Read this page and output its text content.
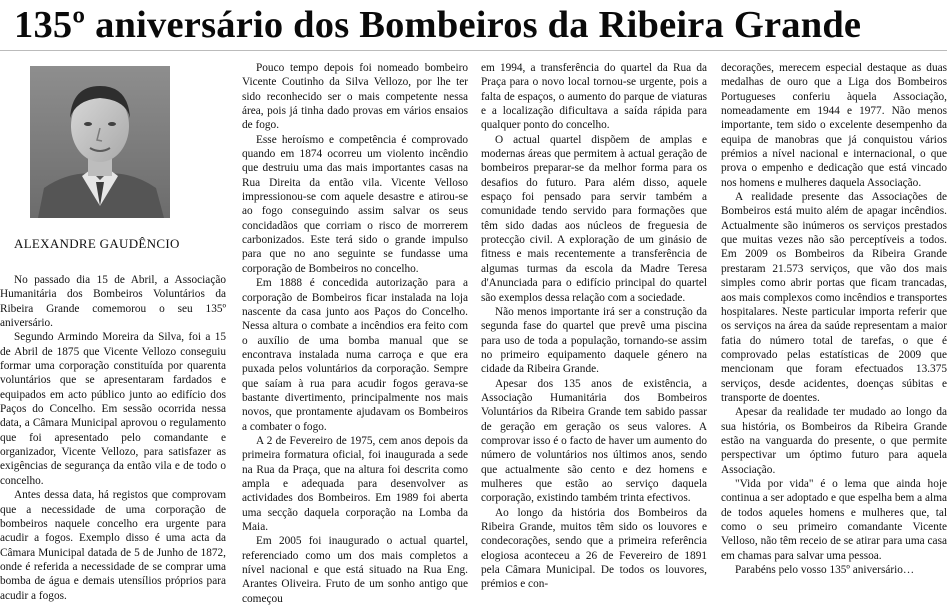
135º aniversário dos Bombeiros da Ribeira Grande
ALEXANDRE GAUDÊNCIO

No passado dia 15 de Abril, a Associação Humanitária dos Bombeiros Voluntários da Ribeira Grande comemorou o seu 135º aniversário.

Segundo Armindo Moreira da Silva, foi a 15 de Abril de 1875 que Vicente Vellozo conseguiu formar uma corporação constituída por quarenta voluntários que se apresentaram fardados e equipados em acto público junto ao edifício dos Paços do Concelho. Em sessão ocorrida nessa data, a Câmara Municipal aprovou o regulamento que foi apresentado pelo comandante e organizador, Vicente Vellozo, para satisfazer as exigências de segurança da então vila e de todo o concelho.

Antes dessa data, há registos que comprovam que a necessidade de uma corporação de bombeiros naquele concelho era urgente para acudir a fogos. Exemplo disso é uma acta da Câmara Municipal datada de 5 de Junho de 1872, onde é referida a necessidade de se comprar uma bomba de água e demais utensílios próprios para acudir a fogos.

Pouco tempo depois foi nomeado bombeiro Vicente Coutinho da Silva Vellozo, por lhe ter sido reconhecido ser o mais competente nessa área, pois já tinha dado provas em vários ensaios de fogo.

Esse heroísmo e competência é comprovado quando em 1874 ocorreu um violento incêndio que destruiu uma das mais importantes casas na Rua Direita da então vila. Vicente Velloso impressionou-se com aquele desastre e atirou-se ao fogo conseguindo assim salvar os seus concidadãos que corriam o risco de morrerem carbonizados. Este terá sido o grande impulso para que no ano seguinte se fundasse uma corporação de Bombeiros no concelho.

Em 1888 é concedida autorização para a corporação de Bombeiros ficar instalada na loja nascente da casa junto aos Paços do Concelho. Nessa altura o combate a incêndios era feito com o auxílio de uma bomba manual que se encontrava instalada numa carroça e que era puxada pelos voluntários da corporação. Sempre que saíam à rua para acudir fogos gerava-se bastante divertimento, principalmente nos mais novos, que prontamente ajudavam os Bombeiros a combater o fogo.

A 2 de Fevereiro de 1975, cem anos depois da primeira formatura oficial, foi inaugurada a sede na Rua da Praça, que na altura foi descrita como ampla e adequada para desenvolver as actividades dos Bombeiros. Em 1989 foi aberta uma secção daquela corporação na Lomba da Maia.

Em 2005 foi inaugurado o actual quartel, referenciado como um dos mais completos a nível nacional e que está situado na Rua Eng. Arantes Oliveira. Fruto de um sonho antigo que começou

em 1994, a transferência do quartel da Rua da Praça para o novo local tornou-se urgente, pois a falta de espaços, o aumento do parque de viaturas e a localização dificultava a saída rápida para qualquer ponto do concelho.

O actual quartel dispõem de amplas e modernas áreas que permitem à actual geração de bombeiros preparar-se da melhor forma para os desafios do futuro. Para além disso, aquele espaço foi pensado para servir também a comunidade tendo servido para formações que têm sido dadas aos núcleos de freguesia de protecção civil. A exploração de um ginásio de fitness e mais recentemente a transferência de algumas turmas da escola da Madre Teresa d'Anunciada para o edifício principal do quartel são exemplos dessa relação com a sociedade.

Não menos importante irá ser a construção da segunda fase do quartel que prevê uma piscina para uso de toda a população, tornando-se assim no primeiro equipamento daquele género na cidade da Ribeira Grande.

Apesar dos 135 anos de existência, a Associação Humanitária dos Bombeiros Voluntários da Ribeira Grande tem sabido passar de geração em geração os seus valores. A comprovar isso é o facto de haver um aumento do número de voluntários nos últimos anos, sendo que actualmente são cento e dez homens e mulheres que estão ao serviço daquela corporação, existindo também trinta efectivos.

Ao longo da história dos Bombeiros da Ribeira Grande, muitos têm sido os louvores e condecorações, sendo que a primeira referência elogiosa aconteceu a 26 de Fevereiro de 1891 pela Câmara Municipal. De todos os louvores, prémios e con-

decorações, merecem especial destaque as duas medalhas de ouro que a Liga dos Bombeiros Portugueses conferiu àquela Associação, nomeadamente em 1944 e 1977. Não menos importante, tem sido o excelente desempenho da equipa de manobras que já conquistou vários prémios a nível nacional e internacional, o que prova o empenho e dedicação que está vincado nos homens e mulheres daquela Associação.

A realidade presente das Associações de Bombeiros está muito além de apagar incêndios. Actualmente são inúmeros os serviços prestados que muitas vezes não são perceptíveis a todos. Em 2009 os Bombeiros da Ribeira Grande prestaram 21.573 serviços, que vão dos mais simples como abrir portas que ficam trancadas, aos mais complexos como incêndios e transportes hospitalares. Neste particular importa referir que os serviços na área da saúde representam a maior fatia do número total de tarefas, o que é comprovado pelas estatísticas de 2009 que mencionam que foram efectuados 13.375 serviços, desde acidentes, doenças súbitas e transporte de doentes.

Apesar da realidade ter mudado ao longo da sua história, os Bombeiros da Ribeira Grande estão na vanguarda do presente, o que permite perspectivar um óptimo futuro para aquela Associação.

"Vida por vida" é o lema que ainda hoje continua a ser adoptado e que espelha bem a alma de todos aqueles homens e mulheres que, tal como o seu primeiro comandante Vicente Velloso, não têm receio de se atirar para uma casa em chamas para salvar uma pessoa.

Parabéns pelo vosso 135º aniversário…
